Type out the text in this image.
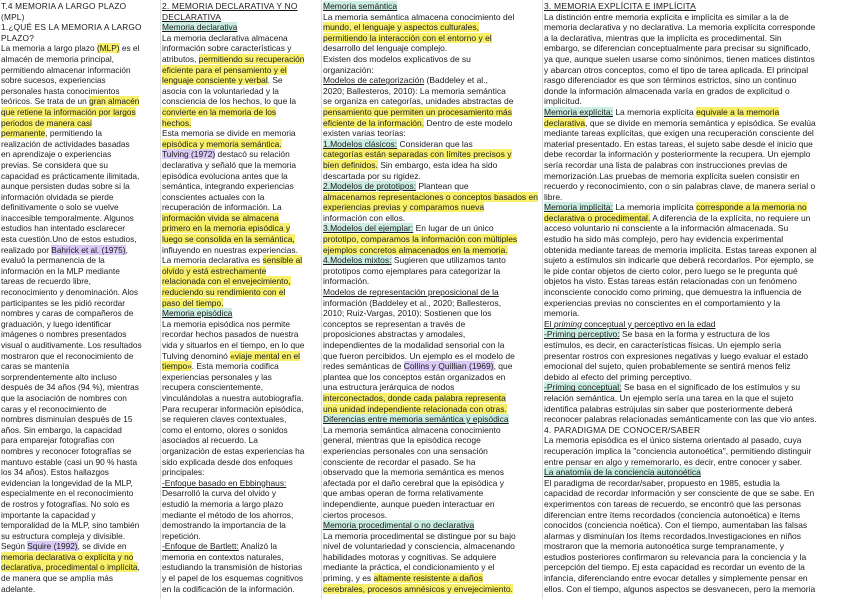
T.4 MEMORIA A LARGO PLAZO
(MPL)
1.¿QUÉ ES LA MEMORIA A LARGO
PLAZO?
La memoria a largo plazo (MLP) es el
almacén de memoria principal,
permitiendo almacenar información
sobre sucesos, experiencias
personales hasta conocimientos
teóricos. Se trata de un gran almacén
que retiene la información por largos
periodos de manera casi
permanente, permitiendo la
realización de actividades basadas
en aprendizaje o experiencias
previas. Se considera que su
capacidad es prácticamente ilimitada,
aunque persisten dudas sobre si la
información olvidada se pierde
definitivamente o solo se vuelve
inaccesible temporalmente. Algunos
estudios han intentado esclarecer
esta cuestión.Uno de estos estudios,
realizado por Bahrick et al. (1975),
evaluó la permanencia de la
información en la MLP mediante
tareas de recuerdo libre,
reconocimiento y denominación. Alos
participantes se les pidió recordar
nombres y caras de compañeros de
graduación, y luego identificar
imágenes o nombres presentados
visual o auditivamente. Los resultados
mostraron que el reconocimiento de
caras se mantenía
sorprendentemente alto incluso
después de 34 años (94 %), mientras
que la asociación de nombres con
caras y el reconocimiento de
nombres disminuían después de 15
años. Sin embargo, la capacidad
para emparejar fotografías con
nombres y reconocer fotografías se
mantuvo estable (casi un 90 % hasta
los 34 años). Estos hallazgos
evidencian la longevidad de la MLP,
especialmente en el reconocimiento
de rostros y fotografías. No solo es
importante la capacidad y
temporalidad de la MLP, sino también
su estructura compleja y divisible.
Según Squire (1992), se divide en
memoria declarativa o explícita y no
declarativa, procedimental o implícita,
de manera que se amplía más
adelante.
2. MEMORIA DECLARATIVA Y NO
DECLARATIVA
Memoria declarativa
La memoria declarativa almacena
información sobre características y
atributos, permitiendo su recuperación
eficiente para el pensamiento y el
lenguaje consciente y verbal. Se
asocia con la voluntariedad y la
consciencia de los hechos, lo que la
convierte en la memoria de los
hechos.
Esta memoria se divide en memoria
episódica y memoria semántica.
Tulving (1972) destacó su relación
declarativa y señaló que la memoria
episódica evoluciona antes que la
semántica, integrando experiencias
conscientes actuales con la
recuperación de información. La
información vivida se almacena
primero en la memoria episódica y
luego se consolida en la semántica,
influyendo en nuestras experiencias.
La memoria declarativa es sensible al
olvido y está estrechamente
relacionada con el envejecimiento,
reduciendo su rendimiento con el
paso del tiempo.
Memoria episódica
La memoria episódica nos permite
recordar hechos pasados de nuestra
vida y situarlos en el tiempo, en lo que
Tulving denominó «viaje mental en el
tiempo». Esta memoria codifica
experiencias personales y las
recupera conscientemente,
vinculándolas a nuestra autobiografía.
Para recuperar información episódica,
se requieren claves contextuales,
como el entorno, olores o sonidos
asociados al recuerdo. La
organización de estas experiencias ha
sido explicada desde dos enfoques
principales:
-Enfoque basado en Ebbinghaus:
Desarrolló la curva del olvido y
estudió la memoria a largo plazo
mediante el método de los ahorros,
demostrando la importancia de la
repetición.
-Enfoque de Bartlett: Analizó la
memoria en contextos naturales,
estudiando la transmisión de historias
y el papel de los esquemas cognitivos
en la codificación de la información.
Memoria semántica
La memoria semántica almacena conocimiento del
mundo, el lenguaje y aspectos culturales,
permitiendo la interacción con el entorno y el
desarrollo del lenguaje complejo.
Existen dos modelos explicativos de su
organización:
Modelos de categorización (Baddeley et al.,
2020; Ballesteros, 2010): La memoria semántica
se organiza en categorías, unidades abstractas de
pensamiento que permiten un procesamiento más
eficiente de la información. Dentro de este modelo
existen varias teorías:
1.Modelos clásicos: Consideran que las
categorías están separadas con límites precisos y
bien definidos. Sin embargo, esta idea ha sido
descartada por su rigidez.
2.Modelos de prototipos: Plantean que
almacenamos representaciones o conceptos basados en
experiencias previas y comparamos nueva
información con ellos.
3.Modelos del ejemplar: En lugar de un único
prototipo, comparamos la información con múltiples
ejemplos concretos almacenados en la memoria.
4.Modelos mixtos: Sugieren que utilizamos tanto
prototipos como ejemplares para categorizar la
información.
Modelos de representación preposicional de la
información (Baddeley et al., 2020; Ballesteros,
2010; Ruiz-Vargas, 2010): Sostienen que los
conceptos se representan a través de
proposiciones abstractas y amodales,
independientes de la modalidad sensorial con la
que fueron percibidos. Un ejemplo es el modelo de
redes semánticas de Collins y Quillian (1969), que
plantea que los conceptos están organizados en
una estructura jerárquica de nodos
interconectados, donde cada palabra representa
una unidad independiente relacionada con otras.
Diferencias entre memoria semántica y episódica
La memoria semántica almacena conocimiento
general, mientras que la episódica recoge
experiencias personales con una sensación
consciente de recordar el pasado. Se ha
observado que la memoria semántica es menos
afectada por el daño cerebral que la episódica y
que ambas operan de forma relativamente
independiente, aunque pueden interactuar en
ciertos procesos.
Memoria procedimental o no declarativa
La memoria procedimental se distingue por su bajo
nivel de voluntariedad y consciencia, almacenando
habilidades motoras y cognitivas. Se adquiere
mediante la práctica, el condicionamiento y el
priming, y es altamente resistente a daños
cerebrales, procesos amnésicos y envejecimiento.
3. MEMORIA EXPLÍCITA E IMPLÍCITA
La distinción entre memoria explícita e implícita es similar a la de
memoria declarativa y no declarativa. La memoria explícita corresponde
a la declarativa, mientras que la implícita es procedimental. Sin
embargo, se diferencian conceptualmente para precisar su significado,
ya que, aunque suelen usarse como sinónimos, tienen matices distintos
y abarcan otros conceptos, como el tipo de tarea aplicada. El principal
rasgo diferenciador es que son términos estrictos, sino un continuo
donde la información almacenada varía en grados de explicitud o
implicitud.
Memoria explícita: La memoria explícita equivale a la memoria
declarativa, que se divide en memoria semántica y episódica. Se evalúa
mediante tareas explícitas, que exigen una recuperación consciente del
material presentado. En estas tareas, el sujeto sabe desde el inicio que
debe recordar la información y posteriormente la recupera. Un ejemplo
sería recordar una lista de palabras con instrucciones previas de
memorización.Las pruebas de memoria explícita suelen consistir en
recuerdo y reconocimiento, con o sin palabras clave, de manera serial o
libre.
Memoria implícita: La memoria implícita corresponde a la memoria no
declarativa o procedimental. A diferencia de la explícita, no requiere un
acceso voluntario ni consciente a la información almacenada. Su
estudio ha sido más complejo, pero hay evidencia experimental
obtenida mediante tareas de memoria implícita. Estas tareas exponen al
sujeto a estímulos sin indicarle que deberá recordarlos. Por ejemplo, se
le pide contar objetos de cierto color, pero luego se le pregunta qué
objetos ha visto. Estas tareas están relacionadas con un fenómeno
inconsciente conocido como priming, que demuestra la influencia de
experiencias previas no conscientes en el comportamiento y la
memoria.
El priming conceptual y perceptivo en la edad
-Priming perceptivo: Se basa en la forma y estructura de los
estímulos, es decir, en características físicas. Un ejemplo sería
presentar rostros con expresiones negativas y luego evaluar el estado
emocional del sujeto, quien probablemente se sentirá menos feliz
debido al efecto del priming perceptivo.
-Priming conceptual: Se basa en el significado de los estímulos y su
relación semántica. Un ejemplo sería una tarea en la que el sujeto
identifica palabras estrújulas sin saber que posteriormente deberá
reconocer palabras relacionadas semánticamente con las que vio antes.
4. PARADIGMA DE CONOCER/SABER
La memoria episódica es el único sistema orientado al pasado, cuya
recuperación implica la "conciencia autonoética", permitiendo distinguir
entre pensar en algo y rememorarlo, es decir, entre conocer y saber.
La anatomía de la conciencia autonoética
El paradigma de recordar/saber, propuesto en 1985, estudia la
capacidad de recordar información y ser consciente de que se sabe. En
experimentos con tareas de recuerdo, se encontró que las personas
diferencian entre ítems recordados (conciencia autonoética) e ítems
conocidos (conciencia noética). Con el tiempo, aumentaban las falsas
alarmas y disminuían los ítems recordados.Investigaciones en niños
mostraron que la memoria autonoética surge tempranamente, y
estudios posteriores confirmaron su relevancia para la conciencia y la
percepción del tiempo. Ej esta capacidad es recordar un evento de la
infancia, diferenciando entre evocar detalles y simplemente pensar en
ellos. Con el tiempo, algunos aspectos se desvanecen, pero la memoria
